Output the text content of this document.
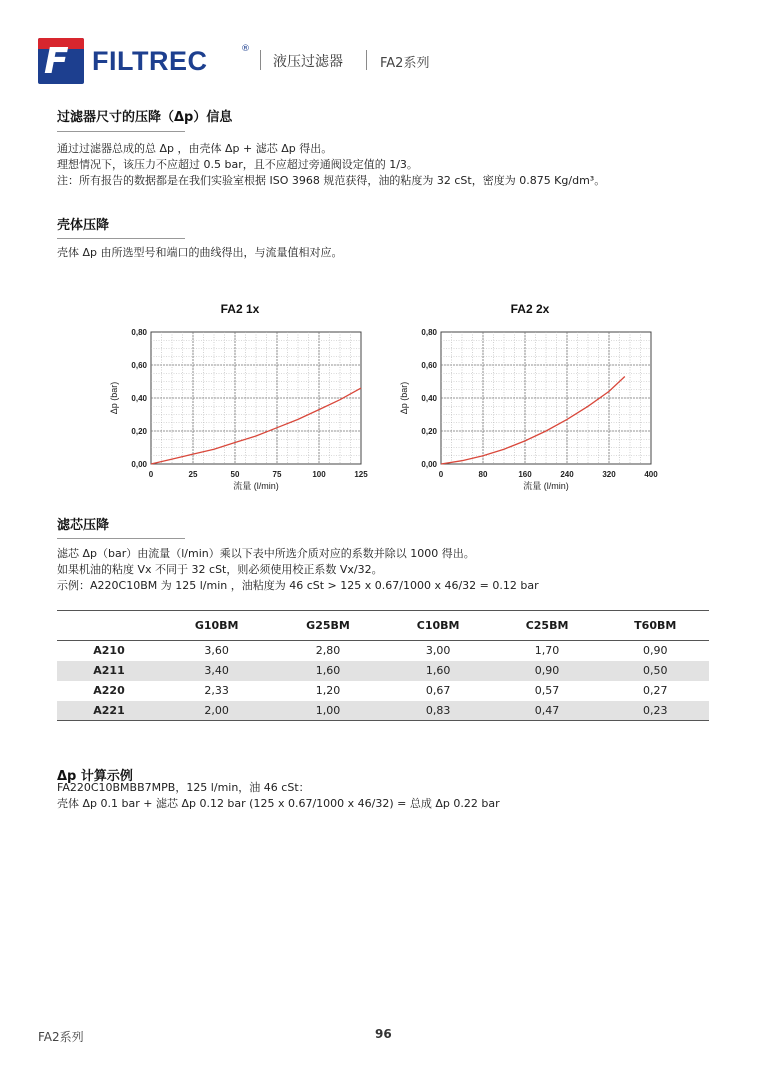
F FILTREC	®
液压过滤器	FA2系列
过滤器尺寸的压降（Δp）信息
通过过滤器总成的总 Δp ，由壳体 Δp + 滤芯 Δp 得出。
理想情况下，该压力不应超过 0.5 bar，且不应超过旁通阀设定值的 1/3。
注：所有报告的数据都是在我们实验室根据 ISO 3968 规范获得，油的粘度为 32 cSt，密度为 0.875 Kg/dm³。
壳体压降
壳体 Δp 由所选型号和端口的曲线得出，与流量值相对应。
FA2 1x	FA2 2x
0	25	50	75	100	125
0,00
0,20
0,40
0,60
0,80
流量 (l/min)
Δp (bar)
0	80	160	240	320	400
0,00
0,20
0,40
0,60
0,80
流量 (l/min)
Δp (bar)
滤芯压降
滤芯 Δp（bar）由流量（l/min）乘以下表中所选介质对应的系数并除以 1000 得出。
如果机油的粘度 Vx 不同于 32 cSt，则必须使用校正系数 Vx/32。
示例：A220C10BM 为 125 l/min ，油粘度为 46 cSt > 125 x 0.67/1000 x 46/32 = 0.12 bar
	G10BM	G25BM	C10BM	C25BM	T60BM
A210	3,60	2,80	3,00	1,70	0,90
A211	3,40	1,60	1,60	0,90	0,50
A220	2,33	1,20	0,67	0,57	0,27
A221	2,00	1,00	0,83	0,47	0,23
Δp 计算示例
FA220C10BMBB7MPB，125 l/min，油 46 cSt：
壳体 Δp 0.1 bar + 滤芯 Δp 0.12 bar (125 x 0.67/1000 x 46/32) = 总成 Δp 0.22 bar
FA2系列	96
